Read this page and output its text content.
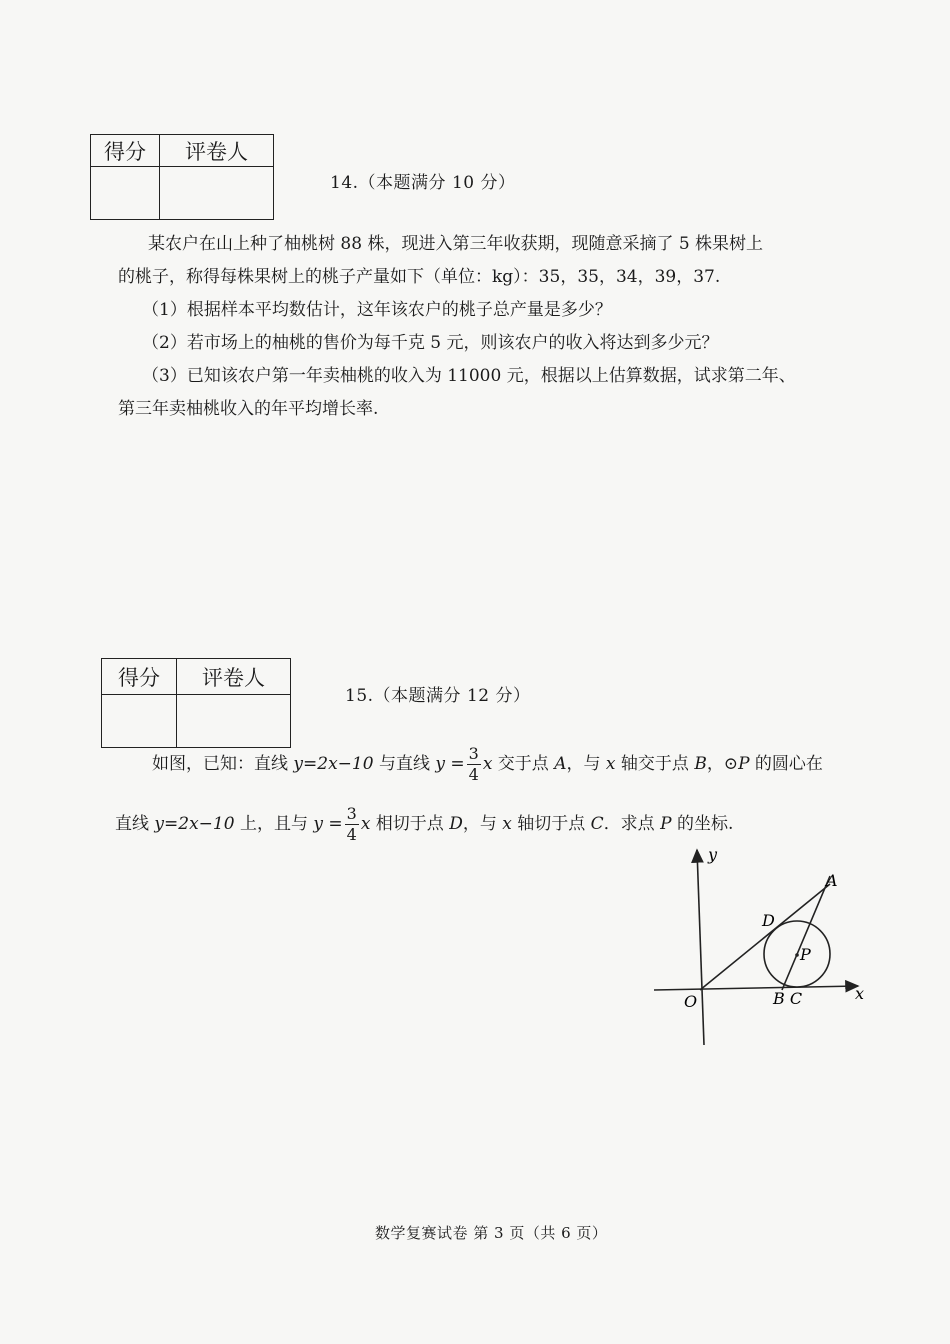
得分	评卷人

14.（本题满分 10 分）
某农户在山上种了柚桃树 88 株，现进入第三年收获期，现随意采摘了 5 株果树上
的桃子，称得每株果树上的桃子产量如下（单位：kg）：35，35，34，39，37.
（1）根据样本平均数估计，这年该农户的桃子总产量是多少？
（2）若市场上的柚桃的售价为每千克 5 元，则该农户的收入将达到多少元？
（3）已知该农户第一年卖柚桃的收入为 11000 元，根据以上估算数据，试求第二年、
第三年卖柚桃收入的年平均增长率.
得分	评卷人

15.（本题满分 12 分）
如图，已知：直线 y=2x−10 与直线 $y = \frac{3}{4}$ x 交于点 A，与 x 轴交于点 B，⊙P 的圆心在
直线 y=2x−10 上，且与 $y = \frac{3}{4}$ x 相切于点 D，与 x 轴切于点 C．求点 P 的坐标.
y
x
A
D
P
O	B C
数学复赛试卷 第 3 页（共 6 页）
